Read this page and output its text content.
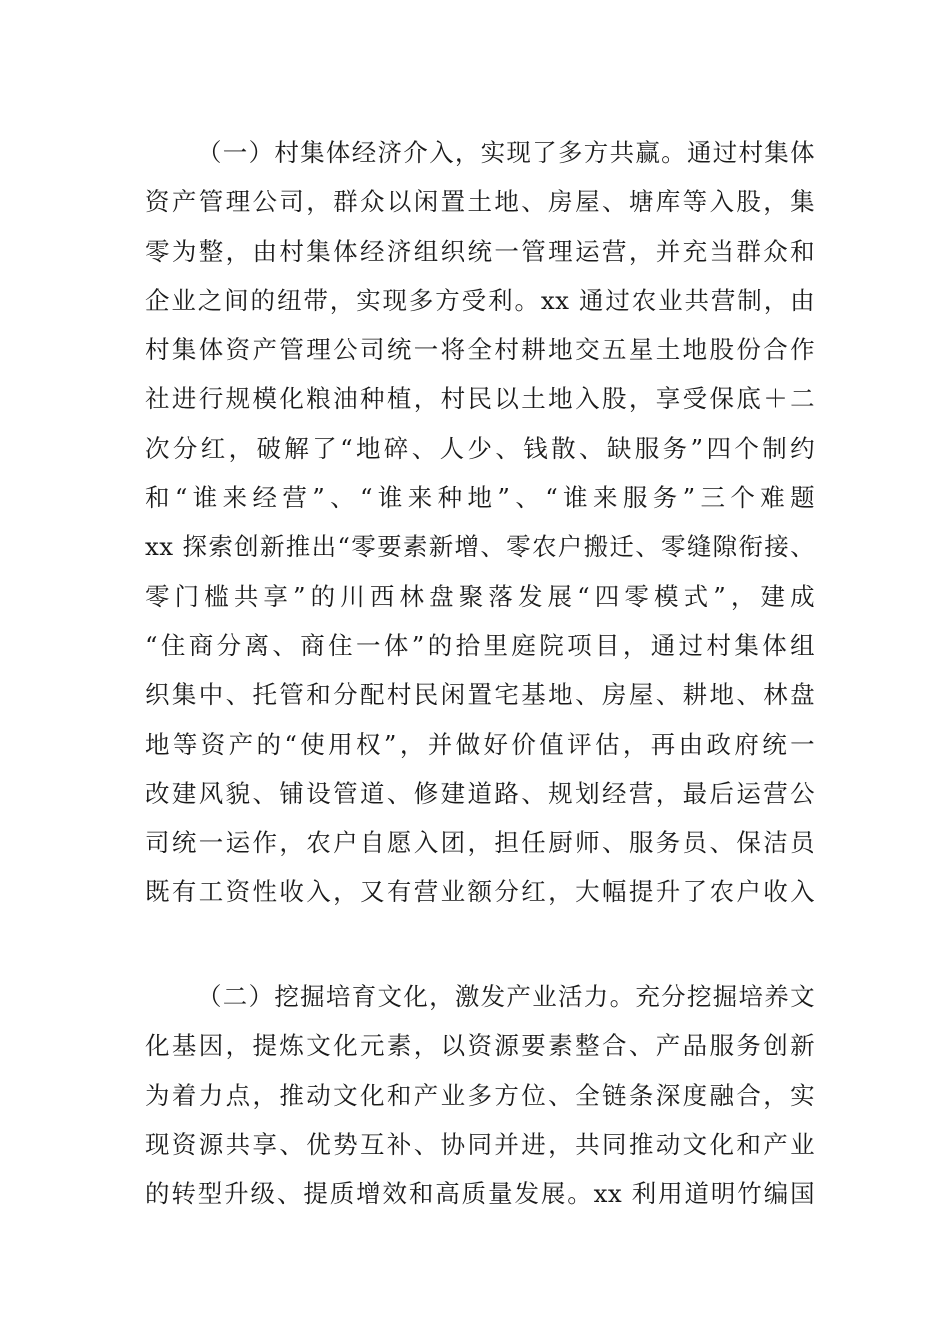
（一）村集体经济介入，实现了多方共赢。通过村集体
资产管理公司，群众以闲置土地、房屋、塘库等入股，集
零为整，由村集体经济组织统一管理运营，并充当群众和
企业之间的纽带，实现多方受利。xx 通过农业共营制，由
村集体资产管理公司统一将全村耕地交五星土地股份合作
社进行规模化粮油种植，村民以土地入股，享受保底＋二
次分红，破解了“地碎、人少、钱散、缺服务”四个制约
和“谁来经营”、“谁来种地”、“谁来服务”三个难题
xx 探索创新推出“零要素新增、零农户搬迁、零缝隙衔接、
零门槛共享”的川西林盘聚落发展“四零模式”，建成
“住商分离、商住一体”的拾里庭院项目，通过村集体组
织集中、托管和分配村民闲置宅基地、房屋、耕地、林盘
地等资产的“使用权”，并做好价值评估，再由政府统一
改建风貌、铺设管道、修建道路、规划经营，最后运营公
司统一运作，农户自愿入团，担任厨师、服务员、保洁员
既有工资性收入，又有营业额分红，大幅提升了农户收入
（二）挖掘培育文化，激发产业活力。充分挖掘培养文
化基因，提炼文化元素，以资源要素整合、产品服务创新
为着力点，推动文化和产业多方位、全链条深度融合，实
现资源共享、优势互补、协同并进，共同推动文化和产业
的转型升级、提质增效和高质量发展。xx 利用道明竹编国
